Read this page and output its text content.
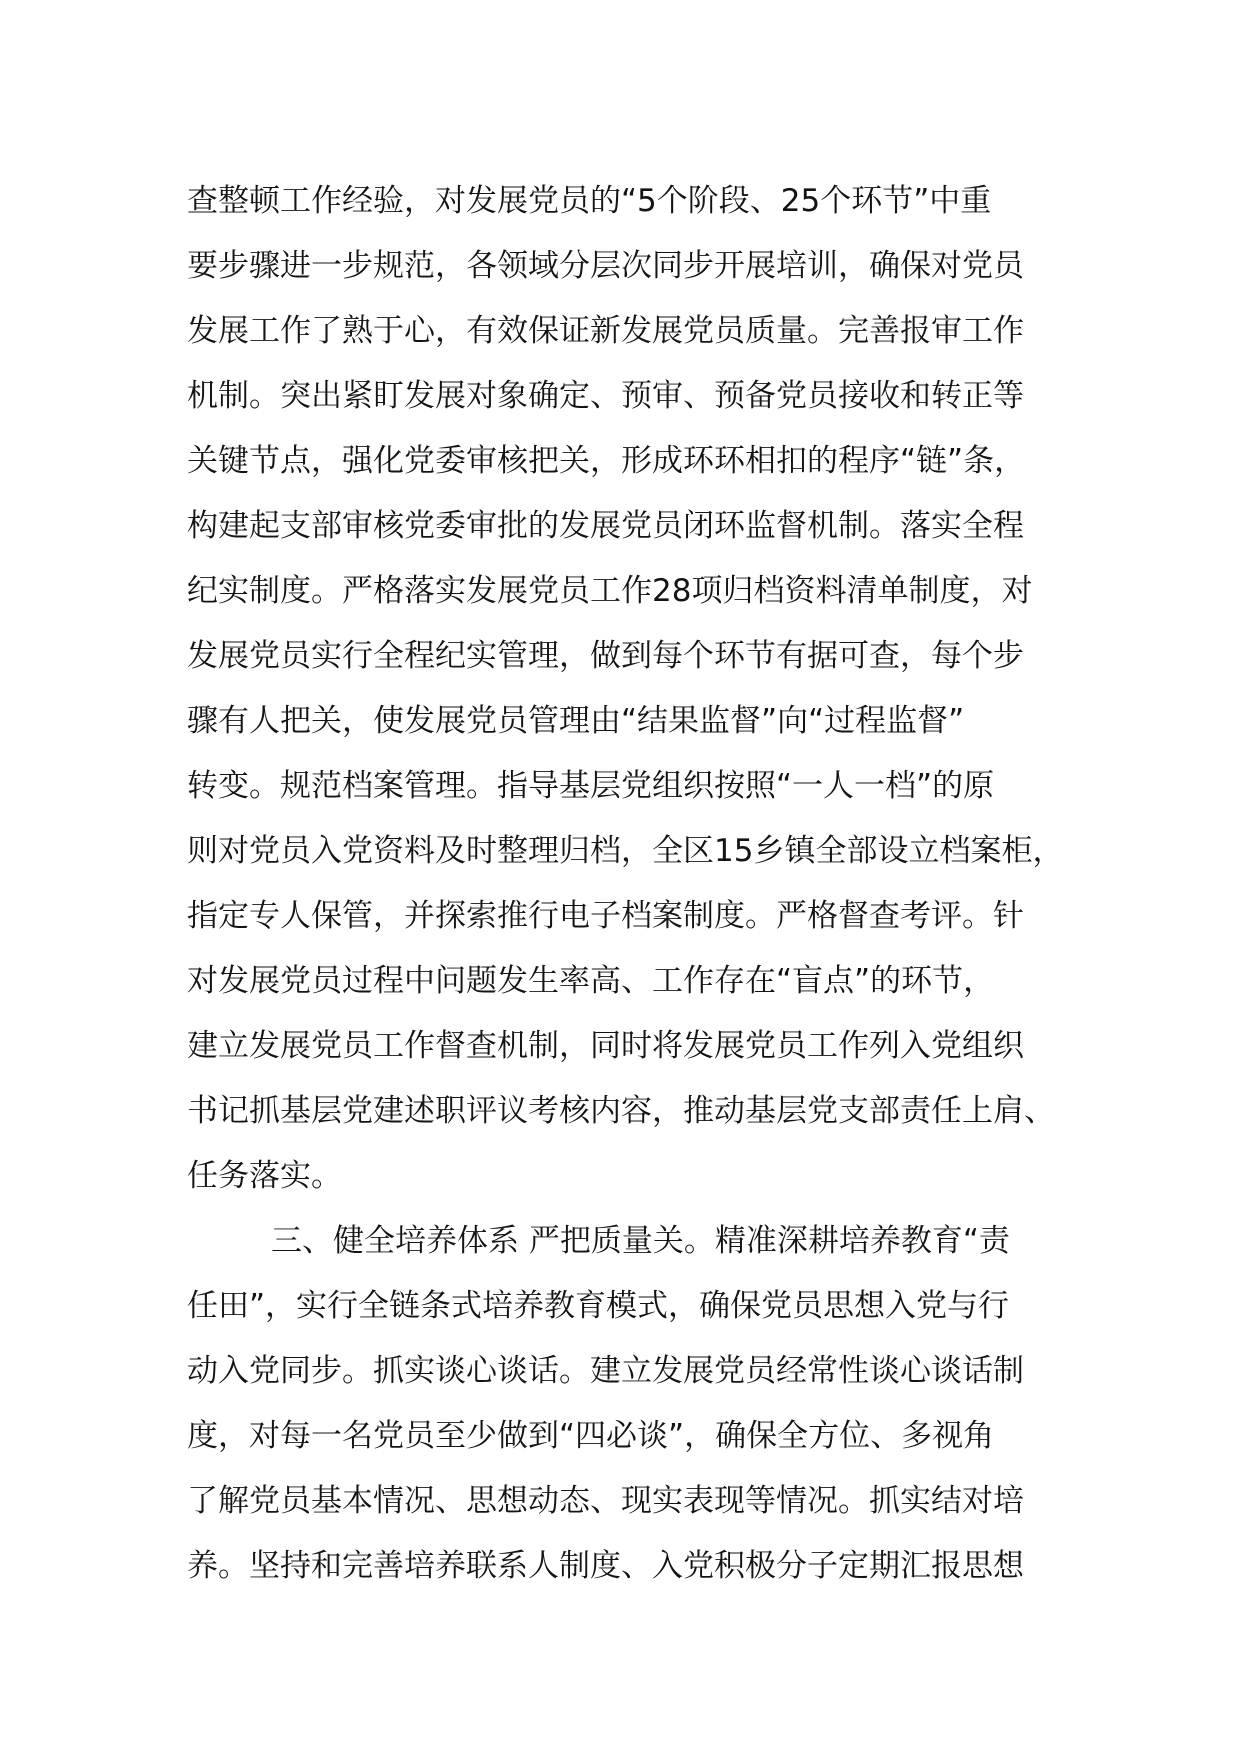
查整顿工作经验，对发展党员的“5个阶段、25个环节”中重
要步骤进一步规范，各领域分层次同步开展培训，确保对党员
发展工作了熟于心，有效保证新发展党员质量。完善报审工作
机制。突出紧盯发展对象确定、预审、预备党员接收和转正等
关键节点，强化党委审核把关，形成环环相扣的程序“链”条，
构建起支部审核党委审批的发展党员闭环监督机制。落实全程
纪实制度。严格落实发展党员工作28项归档资料清单制度，对
发展党员实行全程纪实管理，做到每个环节有据可查，每个步
骤有人把关，使发展党员管理由“结果监督”向“过程监督”
转变。规范档案管理。指导基层党组织按照“一人一档”的原
则对党员入党资料及时整理归档，全区15乡镇全部设立档案柜，
指定专人保管，并探索推行电子档案制度。严格督查考评。针
对发展党员过程中问题发生率高、工作存在“盲点”的环节，
建立发展党员工作督查机制，同时将发展党员工作列入党组织
书记抓基层党建述职评议考核内容，推动基层党支部责任上肩、
任务落实。
三、健全培养体系 严把质量关。精准深耕培养教育“责
任田”，实行全链条式培养教育模式，确保党员思想入党与行
动入党同步。抓实谈心谈话。建立发展党员经常性谈心谈话制
度，对每一名党员至少做到“四必谈”，确保全方位、多视角
了解党员基本情况、思想动态、现实表现等情况。抓实结对培
养。坚持和完善培养联系人制度、入党积极分子定期汇报思想
